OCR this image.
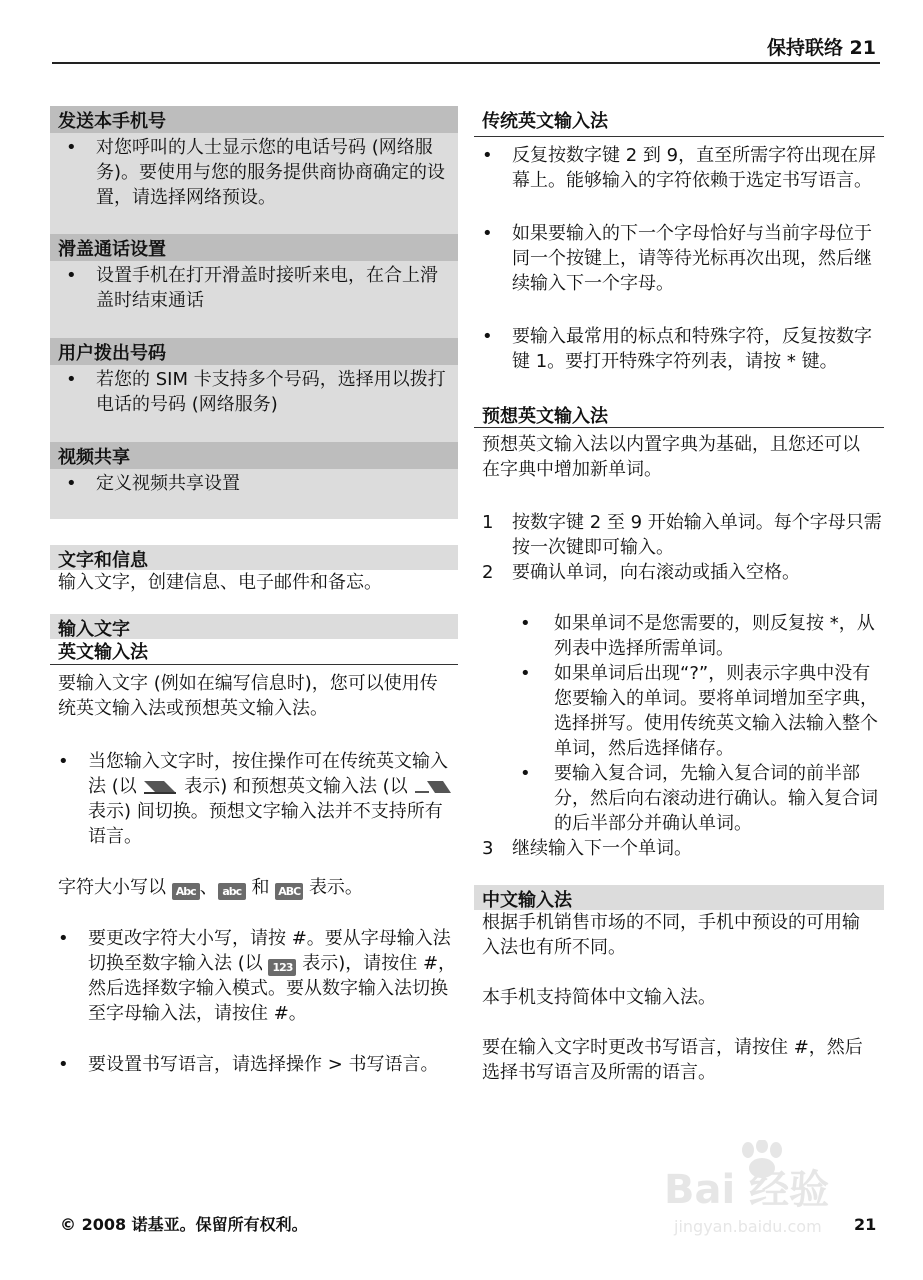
保持联络 21
发送本手机号
• 对您呼叫的人士显示您的电话号码 (网络服务)。要使用与您的服务提供商协商确定的设置，请选择网络预设。
滑盖通话设置
• 设置手机在打开滑盖时接听来电，在合上滑盖时结束通话
用户拨出号码
• 若您的 SIM 卡支持多个号码，选择用以拨打电话的号码 (网络服务)
视频共享
• 定义视频共享设置
文字和信息
输入文字，创建信息、电子邮件和备忘。
输入文字
英文输入法
要输入文字 (例如在编写信息时)，您可以使用传统英文输入法或预想英文输入法。
• 当您输入文字时，按住操作可在传统英文输入法 (以	表示) 和预想英文输入法 (以  表示) 间切换。预想文字输入法并不支持所有语言。
字符大小写以 Abc 、 abc 和 ABC 表示。
• 要更改字符大小写，请按 #。要从字母输入法切换至数字输入法 (以 123 表示)，请按住 #，然后选择数字输入模式。要从数字输入法切换至字母输入法，请按住 #。
• 要设置书写语言，请选择操作 > 书写语言。
传统英文输入法
• 反复按数字键 2 到 9，直至所需字符出现在屏幕上。能够输入的字符依赖于选定书写语言。
• 如果要输入的下一个字母恰好与当前字母位于同一个按键上，请等待光标再次出现，然后继续输入下一个字母。
• 要输入最常用的标点和特殊字符，反复按数字键 1。要打开特殊字符列表，请按 * 键。
预想英文输入法
预想英文输入法以内置字典为基础，且您还可以在字典中增加新单词。
1 按数字键 2 至 9 开始输入单词。每个字母只需按一次键即可输入。
2 要确认单词，向右滚动或插入空格。
• 如果单词不是您需要的，则反复按 *，从列表中选择所需单词。
• 如果单词后出现“?”，则表示字典中没有您要输入的单词。要将单词增加至字典，选择拼写。使用传统英文输入法输入整个单词，然后选择储存。
• 要输入复合词，先输入复合词的前半部分，然后向右滚动进行确认。输入复合词的后半部分并确认单词。
3 继续输入下一个单词。
中文输入法
根据手机销售市场的不同，手机中预设的可用输入法也有所不同。
本手机支持简体中文输入法。
要在输入文字时更改书写语言，请按住 #，然后选择书写语言及所需的语言。
Bai 经验
jingyan.baidu.com
© 2008 诺基亚。保留所有权利。	21
